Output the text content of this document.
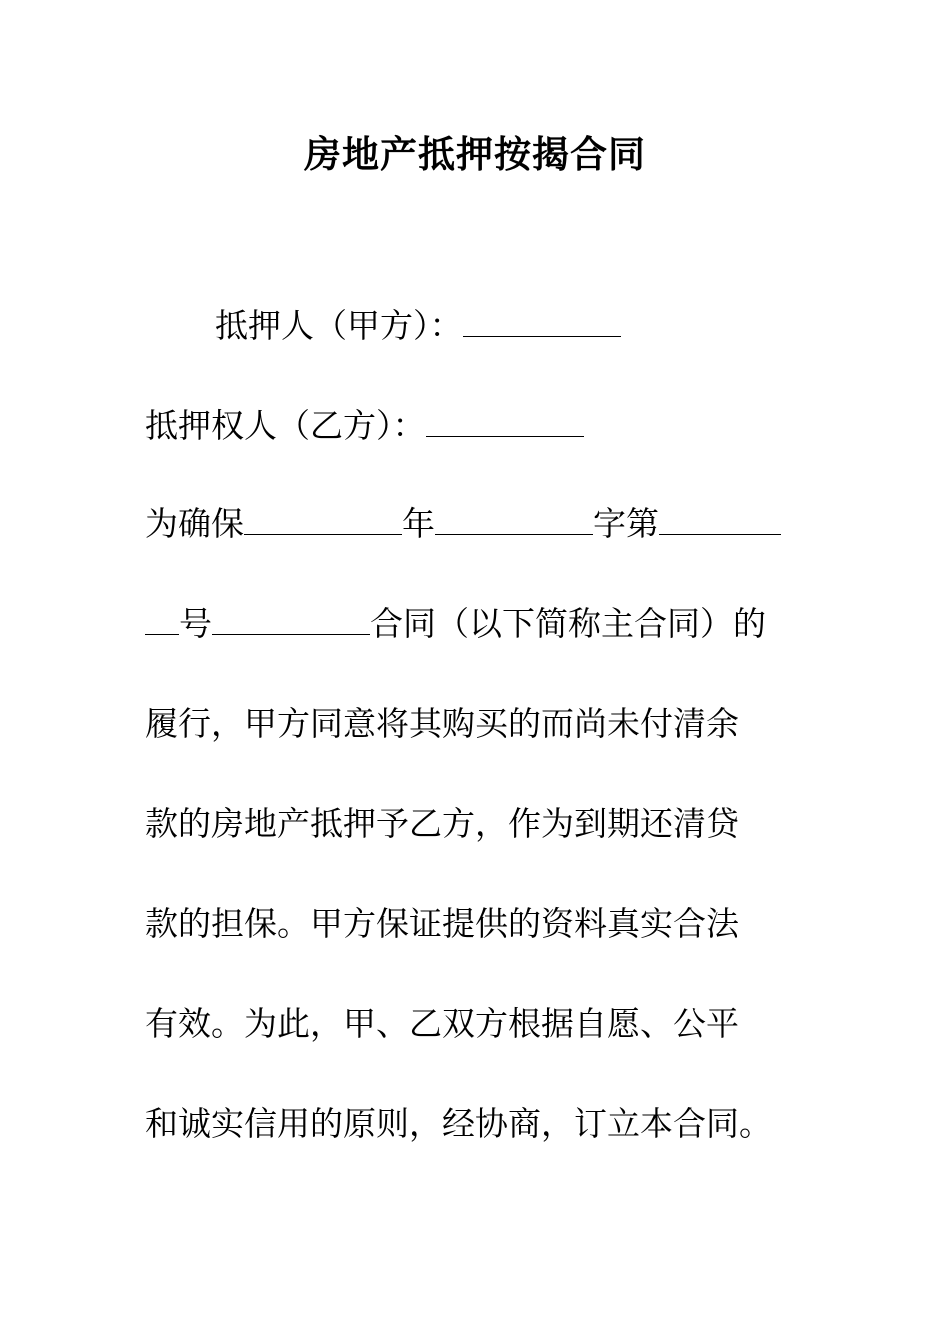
房地产抵押按揭合同

抵押人（甲方）：

抵押权人（乙方）：

为确保	年	字第

号	合同（以下简称主合同）的

履行，甲方同意将其购买的而尚未付清余

款的房地产抵押予乙方，作为到期还清贷

款的担保。甲方保证提供的资料真实合法

有效。为此，甲、乙双方根据自愿、公平

和诚实信用的原则，经协商，订立本合同。
